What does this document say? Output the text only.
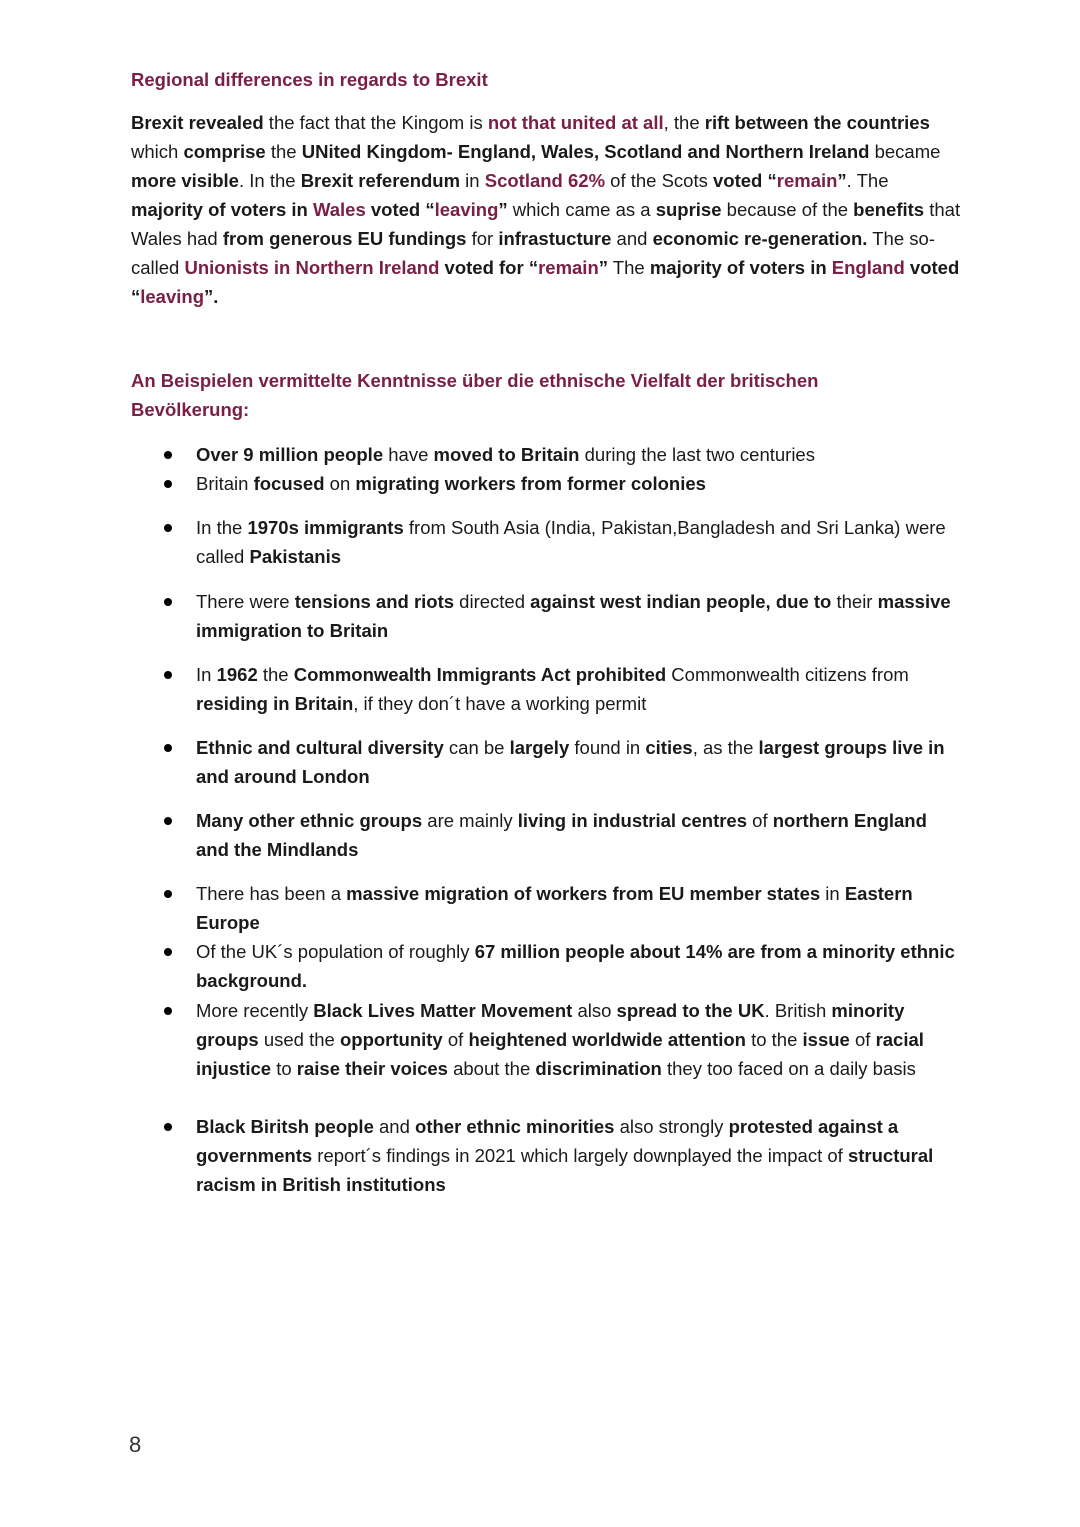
Regional differences in regards to Brexit
Brexit revealed the fact that the Kingom is not that united at all, the rift between the countries which comprise the UNited Kingdom- England, Wales, Scotland and Northern Ireland became more visible. In the Brexit referendum in Scotland 62% of the Scots voted “remain”. The majority of voters in Wales voted “leaving” which came as a suprise because of the benefits that Wales had from generous EU fundings for infrastucture and economic re-generation. The so-called Unionists in Northern Ireland voted for “remain” The majority of voters in England voted “leaving”.
An Beispielen vermittelte Kenntnisse über die ethnische Vielfalt der britischen Bevölkerung:
Over 9 million people have moved to Britain during the last two centuries
Britain focused on migrating workers from former colonies
In the 1970s immigrants from South Asia (India, Pakistan,Bangladesh and Sri Lanka) were called Pakistanis
There were tensions and riots directed against west indian people, due to their massive immigration to Britain
In 1962 the Commonwealth Immigrants Act prohibited Commonwealth citizens from residing in Britain, if they don´t have a working permit
Ethnic and cultural diversity can be largely found in cities, as the largest groups live in and around London
Many other ethnic groups are mainly living in industrial centres of northern England and the Mindlands
There has been a massive migration of workers from EU member states in Eastern Europe
Of the UK´s population of roughly 67 million people about 14% are from a minority ethnic background.
More recently Black Lives Matter Movement also spread to the UK. British minority groups used the opportunity of heightened worldwide attention to the issue of racial injustice to raise their voices about the discrimination they too faced on a daily basis
Black Biritsh people and other ethnic minorities also strongly protested against a governments report´s findings in 2021 which largely downplayed the impact of structural racism in British institutions
8
